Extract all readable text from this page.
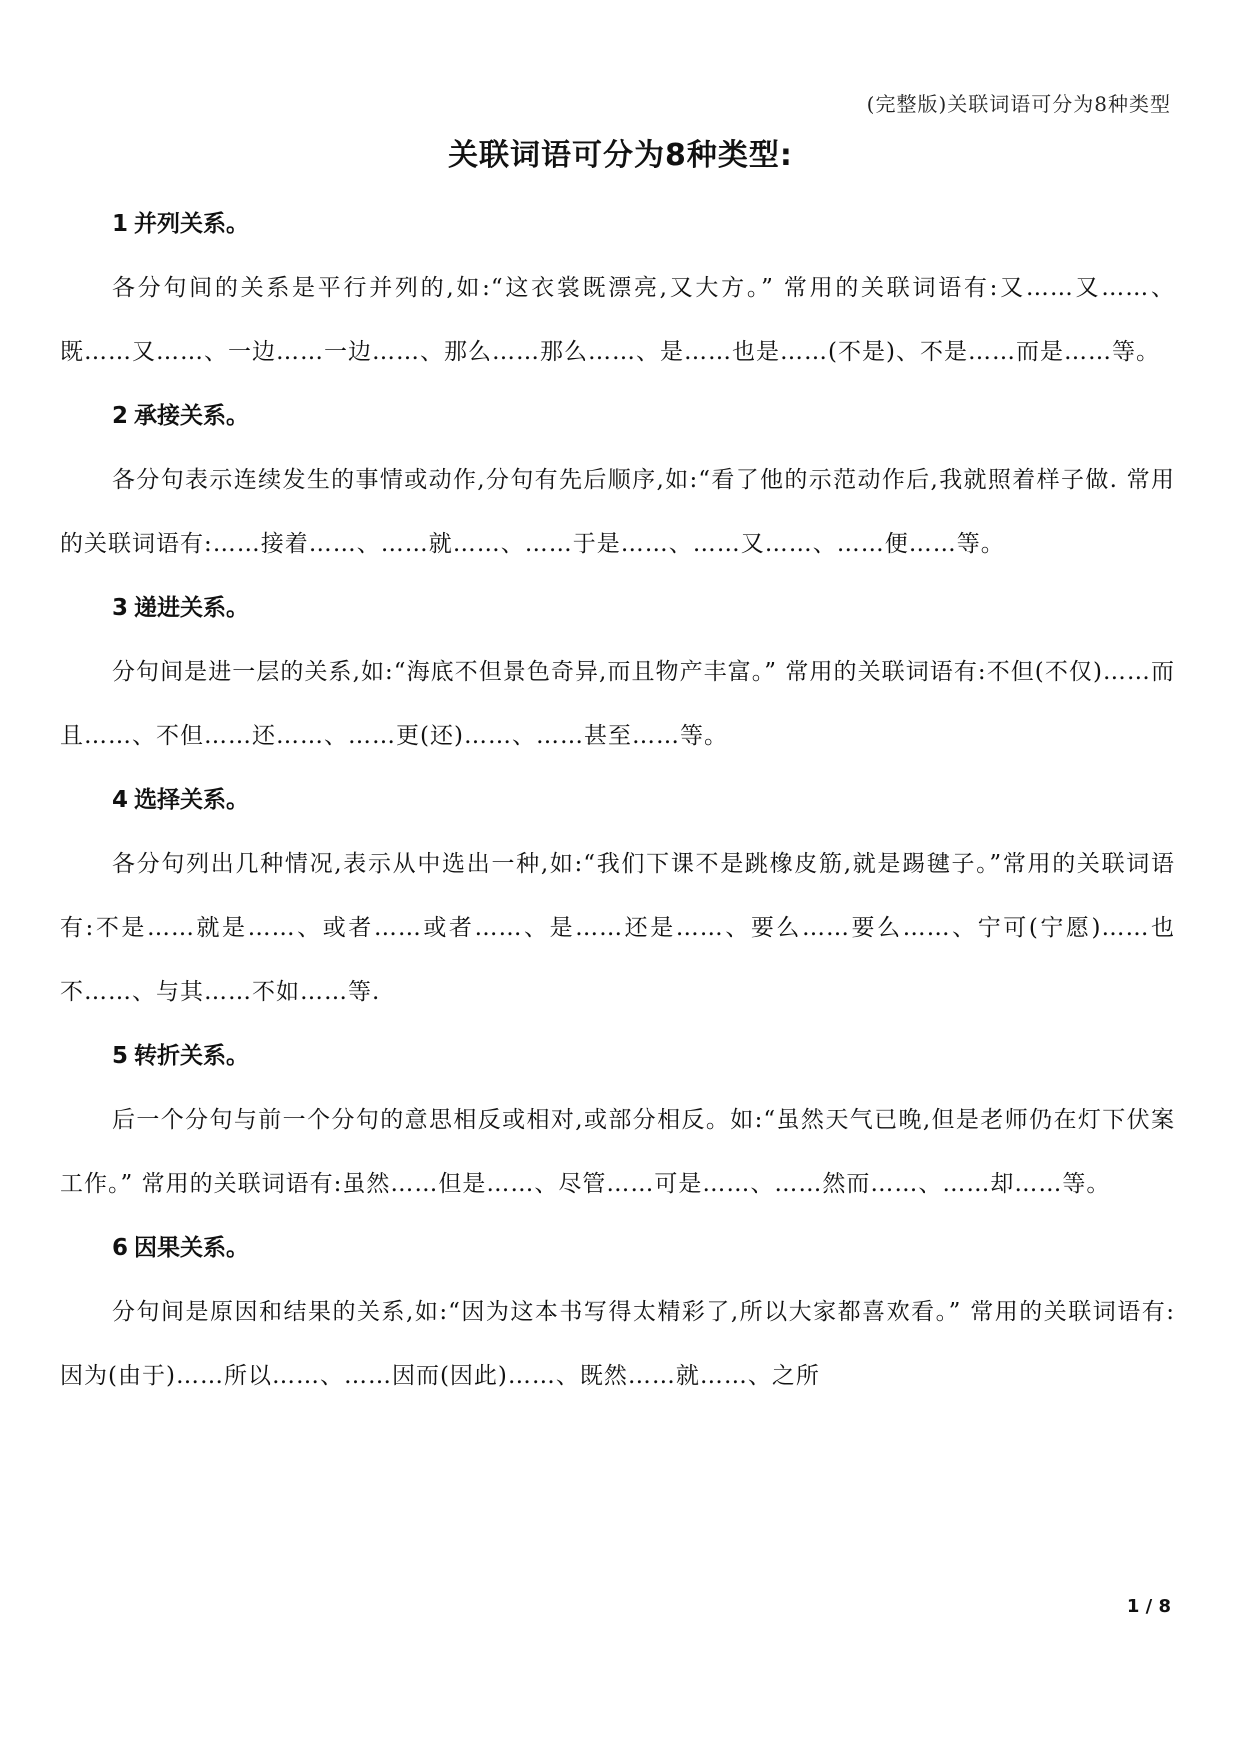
(完整版)关联词语可分为8种类型
关联词语可分为8种类型:

1 并列关系。

各分句间的关系是平行并列的,如:“这衣裳既漂亮,又大方。” 常用的关联词语有:又……又……、既……又……、一边……一边……、那么……那么……、是……也是……(不是)、不是……而是……等。

2 承接关系。

各分句表示连续发生的事情或动作,分句有先后顺序,如:“看了他的示范动作后,我就照着样子做. 常用的关联词语有:……接着……、……就……、……于是……、……又……、……便……等。

3 递进关系。

分句间是进一层的关系,如:“海底不但景色奇异,而且物产丰富。” 常用的关联词语有:不但(不仅)……而且……、不但……还……、……更(还)……、……甚至……等。

4 选择关系。

各分句列出几种情况,表示从中选出一种,如:“我们下课不是跳橡皮筋,就是踢毽子。”常用的关联词语有:不是……就是……、或者……或者……、是……还是……、要么……要么……、宁可(宁愿)……也不……、与其……不如……等.

5 转折关系。

后一个分句与前一个分句的意思相反或相对,或部分相反。如:“虽然天气已晚,但是老师仍在灯下伏案工作。” 常用的关联词语有:虽然……但是……、尽管……可是……、……然而……、……却……等。

6 因果关系。

分句间是原因和结果的关系,如:“因为这本书写得太精彩了,所以大家都喜欢看。” 常用的关联词语有:因为(由于)……所以……、……因而(因此)……、既然……就……、之所

1 / 8
